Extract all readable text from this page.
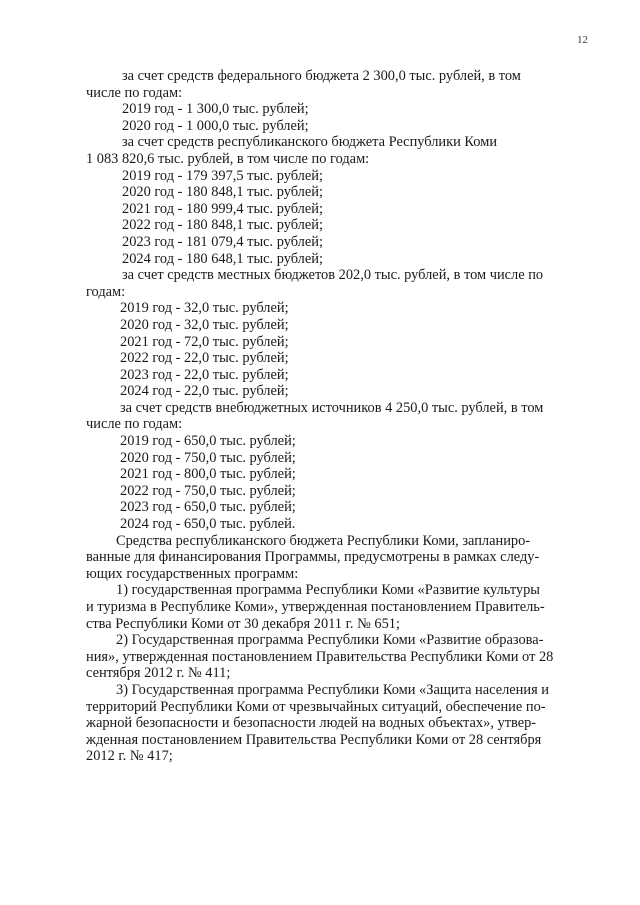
12
за счет средств федерального бюджета 2 300,0 тыс. рублей, в том
числе по годам:
2019 год - 1 300,0 тыс. рублей;
2020 год - 1 000,0 тыс. рублей;
за счет средств республиканского бюджета Республики Коми
1 083 820,6 тыс. рублей, в том числе по годам:
2019 год - 179 397,5 тыс. рублей;
2020 год - 180 848,1 тыс. рублей;
2021 год - 180 999,4 тыс. рублей;
2022 год - 180 848,1 тыс. рублей;
2023 год - 181 079,4 тыс. рублей;
2024 год - 180 648,1 тыс. рублей;
за счет средств местных бюджетов 202,0 тыс. рублей, в том числе по
годам:
2019 год - 32,0 тыс. рублей;
2020 год - 32,0 тыс. рублей;
2021 год - 72,0 тыс. рублей;
2022 год - 22,0 тыс. рублей;
2023 год - 22,0 тыс. рублей;
2024 год - 22,0 тыс. рублей;
за счет средств внебюджетных источников 4 250,0 тыс. рублей, в том
числе по годам:
2019 год - 650,0 тыс. рублей;
2020 год - 750,0 тыс. рублей;
2021 год - 800,0 тыс. рублей;
2022 год - 750,0 тыс. рублей;
2023 год - 650,0 тыс. рублей;
2024 год - 650,0 тыс. рублей.
Средства республиканского бюджета Республики Коми, запланиро-
ванные для финансирования Программы, предусмотрены в рамках следу-
ющих государственных программ:
1) государственная программа Республики Коми «Развитие культуры
и туризма в Республике Коми», утвержденная постановлением Правитель-
ства Республики Коми от 30 декабря 2011 г. № 651;
2) Государственная программа Республики Коми «Развитие образова-
ния», утвержденная постановлением Правительства Республики Коми от 28
сентября 2012 г. № 411;
3) Государственная программа Республики Коми «Защита населения и
территорий Республики Коми от чрезвычайных ситуаций, обеспечение по-
жарной безопасности и безопасности людей на водных объектах», утвер-
жденная постановлением Правительства Республики Коми от 28 сентября
2012 г. № 417;
